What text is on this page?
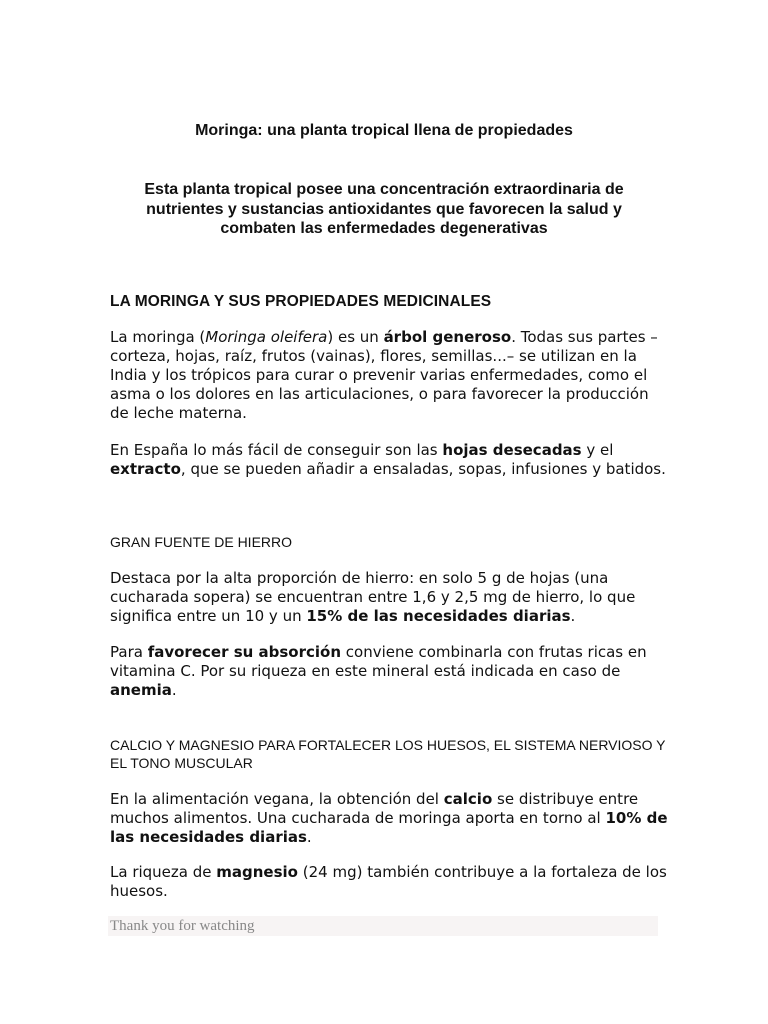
Moringa: una planta tropical llena de propiedades
Esta planta tropical posee una concentración extraordinaria de nutrientes y sustancias antioxidantes que favorecen la salud y combaten las enfermedades degenerativas
LA MORINGA Y SUS PROPIEDADES MEDICINALES

La moringa (Moringa oleifera) es un árbol generoso. Todas sus partes –corteza, hojas, raíz, frutos (vainas), flores, semillas...– se utilizan en la India y los trópicos para curar o prevenir varias enfermedades, como el asma o los dolores en las articulaciones, o para favorecer la producción de leche materna.

En España lo más fácil de conseguir son las hojas desecadas y el extracto, que se pueden añadir a ensaladas, sopas, infusiones y batidos.

GRAN FUENTE DE HIERRO

Destaca por la alta proporción de hierro: en solo 5 g de hojas (una cucharada sopera) se encuentran entre 1,6 y 2,5 mg de hierro, lo que significa entre un 10 y un 15% de las necesidades diarias.

Para favorecer su absorción conviene combinarla con frutas ricas en vitamina C. Por su riqueza en este mineral está indicada en caso de anemia.

CALCIO Y MAGNESIO PARA FORTALECER LOS HUESOS, EL SISTEMA NERVIOSO Y EL TONO MUSCULAR

En la alimentación vegana, la obtención del calcio se distribuye entre muchos alimentos. Una cucharada de moringa aporta en torno al 10% de las necesidades diarias.

La riqueza de magnesio (24 mg) también contribuye a la fortaleza de los huesos.

Thank you for watching
